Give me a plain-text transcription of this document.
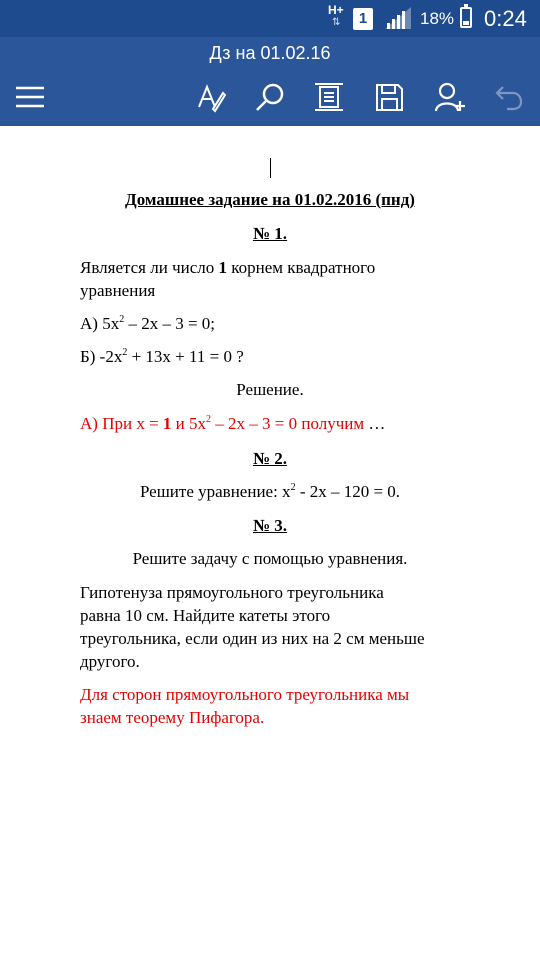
H+
⇅	1	18% 0:24
Дз на 01.02.16
Домашнее задание на 01.02.2016 (пнд)
№ 1.
Является ли число 1 корнем квадратного
уравнения
А) $5x^2 - 2x - 3 = 0$;
Б) $-2x^2 + 13x + 11 = 0$ ?
Решение.
А) При x = 1 и $5x^2 - 2x - 3 = 0$ получим …
№ 2.
Решите уравнение: $x^2 - 2x - 120 = 0$.
№ 3.
Решите задачу с помощью уравнения.
Гипотенуза прямоугольного треугольника
равна 10 см. Найдите катеты этого
треугольника, если один из них на 2 см меньше
другого.
Для сторон прямоугольного треугольника мы
знаем теорему Пифагора.
